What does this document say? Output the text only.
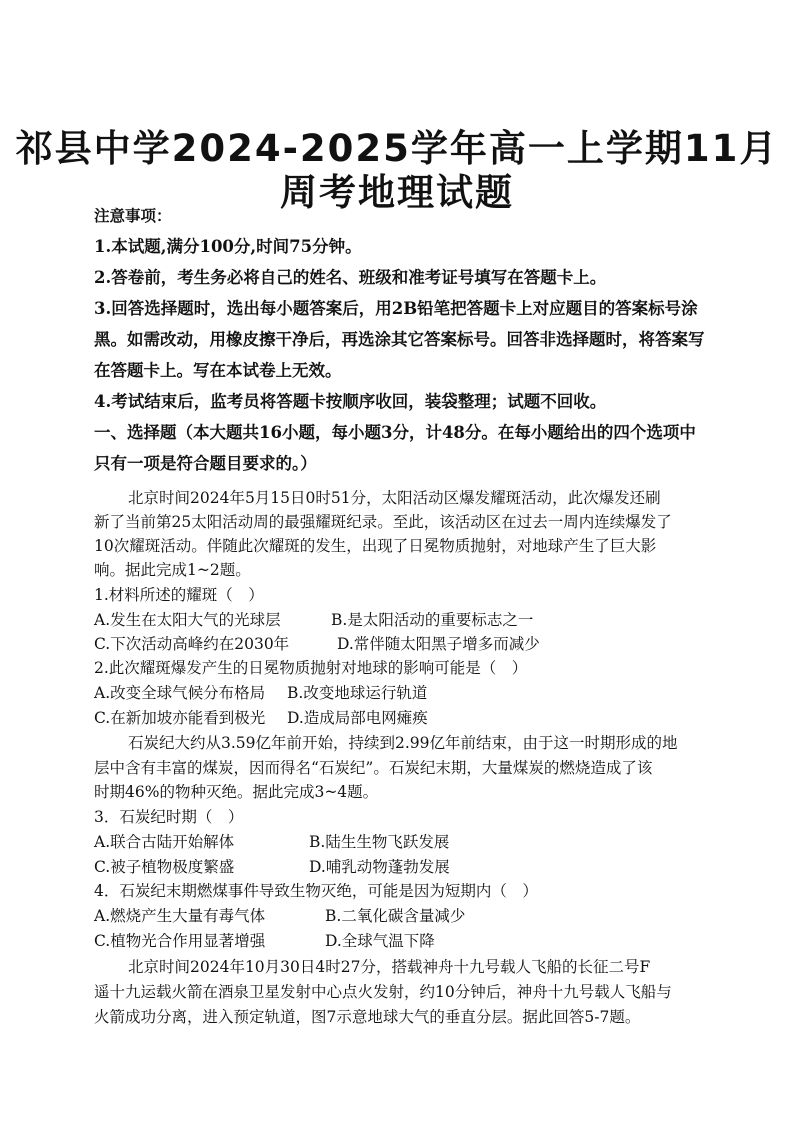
祁县中学2024-2025学年高一上学期11月
周考地理试题

注意事项：

1.本试题,满分100分,时间75分钟。

2.答卷前，考生务必将自己的姓名、班级和准考证号填写在答题卡上。

3.回答选择题时，选出每小题答案后，用2B铅笔把答题卡上对应题目的答案标号涂

黑。如需改动，用橡皮擦干净后，再选涂其它答案标号。回答非选择题时，将答案写

在答题卡上。写在本试卷上无效。

4.考试结束后，监考员将答题卡按顺序收回，装袋整理；试题不回收。

一、选择题（本大题共16小题，每小题3分，计48分。在每小题给出的四个选项中

只有一项是符合题目要求的。）

北京时间2024年5月15日0时51分，太阳活动区爆发耀斑活动，此次爆发还刷

新了当前第25太阳活动周的最强耀斑纪录。至此，该活动区在过去一周内连续爆发了

10次耀斑活动。伴随此次耀斑的发生，出现了日冕物质抛射，对地球产生了巨大影

响。据此完成1~2题。

1.材料所述的耀斑（　）

A.发生在太阳大气的光球层	B.是太阳活动的重要标志之一

C.下次活动高峰约在2030年	D.常伴随太阳黑子增多而减少

2.此次耀斑爆发产生的日冕物质抛射对地球的影响可能是（　）

A.改变全球气候分布格局 B.改变地球运行轨道

C.在新加坡亦能看到极光 D.造成局部电网瘫痪

石炭纪大约从3.59亿年前开始，持续到2.99亿年前结束，由于这一时期形成的地

层中含有丰富的煤炭，因而得名“石炭纪”。石炭纪末期，大量煤炭的燃烧造成了该

时期46%的物种灭绝。据此完成3~4题。

3．石炭纪时期（　）

A.联合古陆开始解体	B.陆生生物飞跃发展

C.被子植物极度繁盛	D.哺乳动物蓬勃发展

4．石炭纪末期燃煤事件导致生物灭绝，可能是因为短期内（　）

A.燃烧产生大量有毒气体	B.二氧化碳含量减少

C.植物光合作用显著增强	D.全球气温下降

北京时间2024年10月30日4时27分，搭载神舟十九号载人飞船的长征二号F

遥十九运载火箭在酒泉卫星发射中心点火发射，约10分钟后，神舟十九号载人飞船与

火箭成功分离，进入预定轨道，图7示意地球大气的垂直分层。据此回答5-7题。
